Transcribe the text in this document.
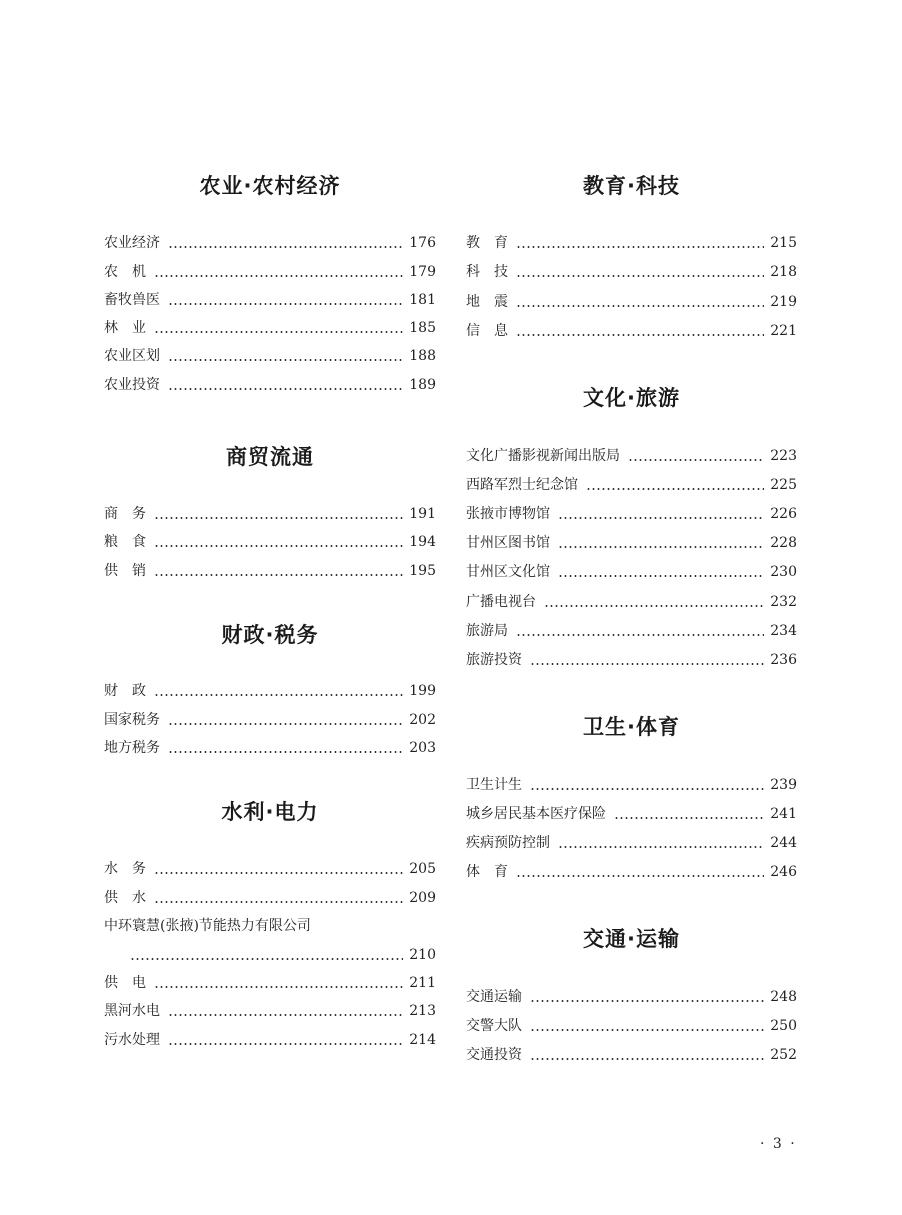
农业·农村经济
农业经济	176
农　机	179
畜牧兽医	181
林　业	185
农业区划	188
农业投资	189
商贸流通
商　务	191
粮　食	194
供　销	195
财政·税务
财　政	199
国家税务	202
地方税务	203
水利·电力
水　务	205
供　水	209
中环寰慧(张掖)节能热力有限公司
210
供　电	211
黑河水电	213
污水处理	214
教育·科技
教　育	215
科　技	218
地　震	219
信　息	221
文化·旅游
文化广播影视新闻出版局	223
西路军烈士纪念馆	225
张掖市博物馆	226
甘州区图书馆	228
甘州区文化馆	230
广播电视台	232
旅游局	234
旅游投资	236
卫生·体育
卫生计生	239
城乡居民基本医疗保险	241
疾病预防控制	244
体　育	246
交通·运输
交通运输	248
交警大队	250
交通投资	252
· 3 ·
